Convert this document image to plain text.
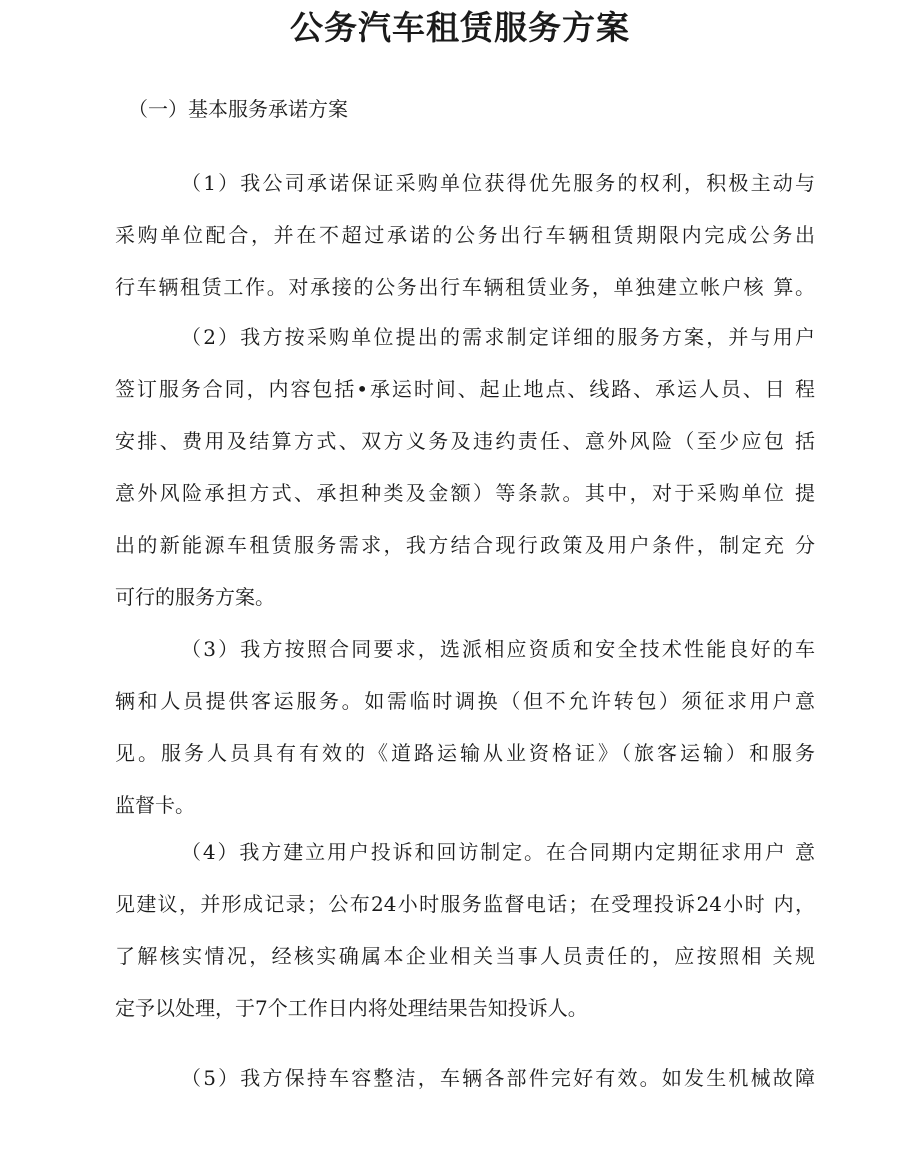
公务汽车租赁服务方案

（一）基本服务承诺方案

（1）我公司承诺保证采购单位获得优先服务的权利，积极主动与
采购单位配合，并在不超过承诺的公务出行车辆租赁期限内完成公务出
行车辆租赁工作。对承接的公务出行车辆租赁业务，单独建立帐户核 算。
（2）我方按采购单位提出的需求制定详细的服务方案，并与用户
签订服务合同，内容包括•承运时间、起止地点、线路、承运人员、日 程
安排、费用及结算方式、双方义务及违约责任、意外风险（至少应包 括
意外风险承担方式、承担种类及金额）等条款。其中，对于采购单位 提
出的新能源车租赁服务需求，我方结合现行政策及用户条件，制定充 分
可行的服务方案。
（3）我方按照合同要求，选派相应资质和安全技术性能良好的车
辆和人员提供客运服务。如需临时调换（但不允许转包）须征求用户意
见。服务人员具有有效的《道路运输从业资格证》（旅客运输）和服务
监督卡。
（4）我方建立用户投诉和回访制定。在合同期内定期征求用户 意
见建议，并形成记录；公布24小时服务监督电话；在受理投诉24小时 内，
了解核实情况，经核实确属本企业相关当事人员责任的，应按照相 关规
定予以处理，于7个工作日内将处理结果告知投诉人。
（5）我方保持车容整洁，车辆各部件完好有效。如发生机械故障
